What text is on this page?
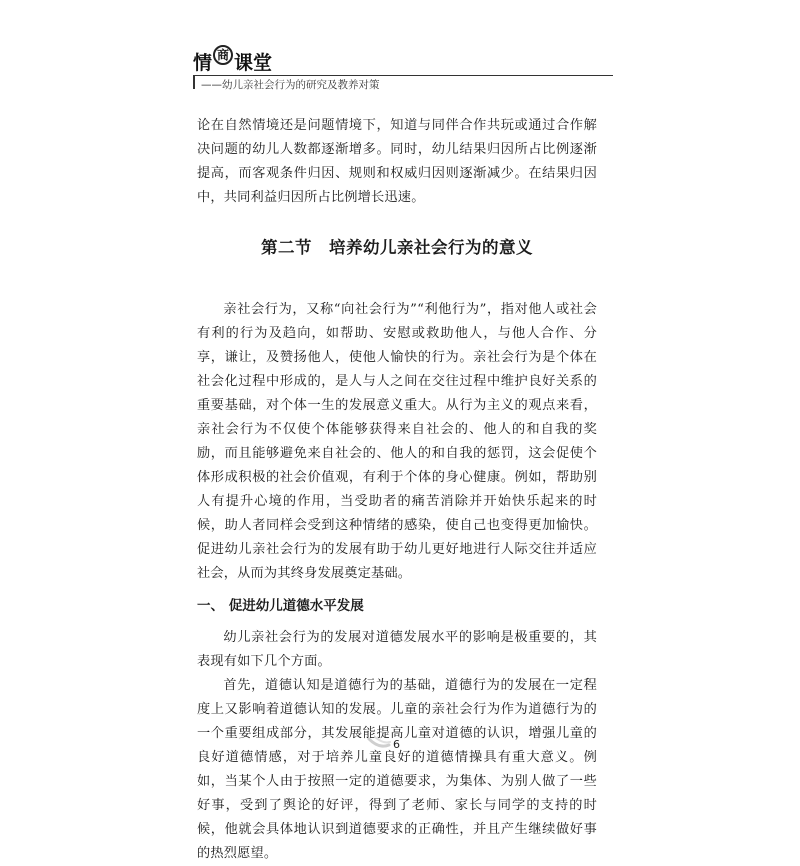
情 商 课堂
——幼儿亲社会行为的研究及教养对策

论在自然情境还是问题情境下，知道与同伴合作共玩或通过合作解决问题的幼儿人数都逐渐增多。同时，幼儿结果归因所占比例逐渐提高，而客观条件归因、规则和权威归因则逐渐减少。在结果归因中，共同利益归因所占比例增长迅速。

第二节　培养幼儿亲社会行为的意义

亲社会行为，又称“向社会行为”“利他行为”，指对他人或社会有利的行为及趋向，如帮助、安慰或救助他人，与他人合作、分享，谦让，及赞扬他人，使他人愉快的行为。亲社会行为是个体在社会化过程中形成的，是人与人之间在交往过程中维护良好关系的重要基础，对个体一生的发展意义重大。从行为主义的观点来看，亲社会行为不仅使个体能够获得来自社会的、他人的和自我的奖励，而且能够避免来自社会的、他人的和自我的惩罚，这会促使个体形成积极的社会价值观，有利于个体的身心健康。例如，帮助别人有提升心境的作用，当受助者的痛苦消除并开始快乐起来的时候，助人者同样会受到这种情绪的感染，使自己也变得更加愉快。促进幼儿亲社会行为的发展有助于幼儿更好地进行人际交往并适应社会，从而为其终身发展奠定基础。

一、 促进幼儿道德水平发展

幼儿亲社会行为的发展对道德发展水平的影响是极重要的，其表现有如下几个方面。

首先，道德认知是道德行为的基础，道德行为的发展在一定程度上又影响着道德认知的发展。儿童的亲社会行为作为道德行为的一个重要组成部分，其发展能提高儿童对道德的认识，增强儿童的良好道德情感，对于培养儿童良好的道德情操具有重大意义。例如，当某个人由于按照一定的道德要求，为集体、为别人做了一些好事，受到了舆论的好评，得到了老师、家长与同学的支持的时候，他就会具体地认识到道德要求的正确性，并且产生继续做好事的热烈愿望。

6
